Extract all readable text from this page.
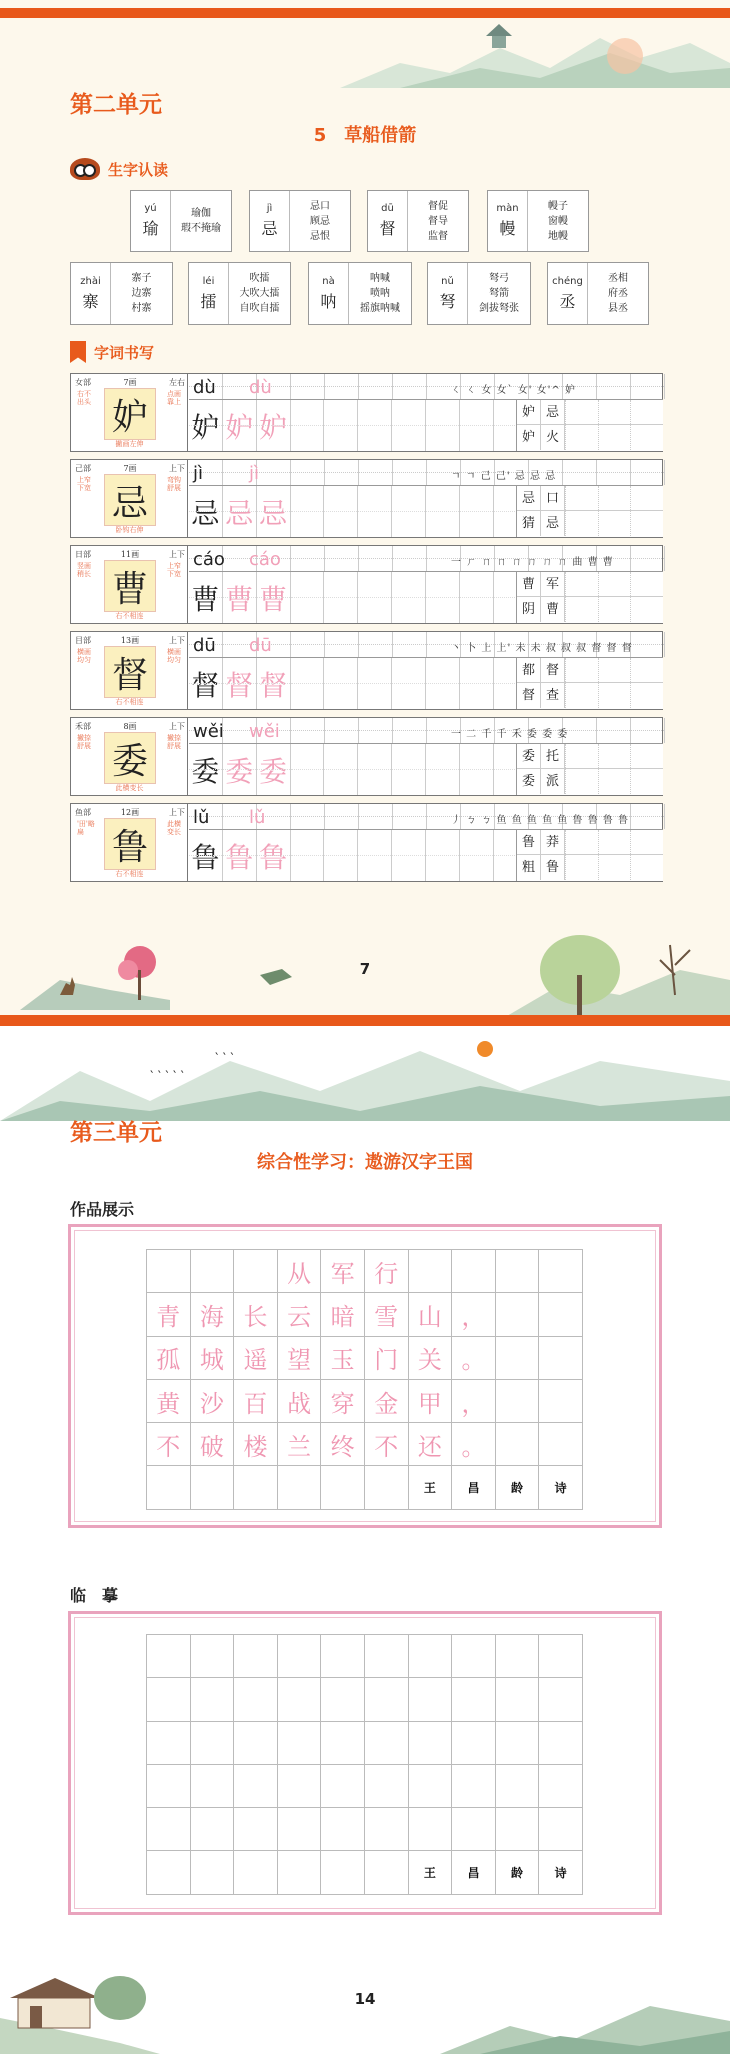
第二单元
5　草船借箭
生字认读
yú
瑜
瑜伽
瑕不掩瑜
jì
忌
忌口
顾忌
忌恨
dū
督
督促
督导
监督
màn
幔
幔子
窗幔
地幔
zhài
寨
寨子
边寨
村寨
léi
擂
吹擂
大吹大擂
自吹自擂
nà
呐
呐喊
喷呐
摇旗呐喊
nǔ
弩
弩弓
弩箭
剑拔弩张
chéng
丞
丞相
府丞
县丞
字词书写
女部	7画	左右
右不出头 妒
点画靠上
撇画左伸
dù dù	ㄑ ㄑ 女 女` 女' 女'^ 妒
妒 妒 妒	妒 忌
妒 火
己部	7画	上下
上窄下宽 忌
弯钩舒展
卧钩右伸
jì	jì	ㄱ ㄱ 己 己' 忌 忌 忌
忌 忌 忌	忌 口
猜 忌
日部	11画	上下
竖画稍长 曹
上窄下宽
右不相连
cáo cáo	一 ㄏ ㄇ ㄇ ㄇ ㄇ ㄇ ㄇ 曲 曹 曹
曹 曹 曹	曹 军
阴 曹
目部	13画	上下
横画均匀 督
横画均匀
右不相连
dū dū	丶 卜 上 上' 未 未 叔 叔 叔 督 督 督
督 督 督	都 督
督 查
禾部	8画	上下
撇捺舒展 委
撇捺舒展
此横变长
wěi wěi	一 二 千 千 禾 委 委 委
委 委 委	委 托
委 派
鱼部	12画	上下
'田'略扁 鲁
此横变长
右不相连
lǔ lǔ	丿 ㄅ ㄅ 鱼 鱼 鱼 鱼 鱼 鲁 鲁 鲁 鲁
鲁 鲁 鲁	鲁 莽
粗 鲁
7
‵ ‵ ‵ ‵ ‵
‵ ‵ ‵
第三单元
综合性学习：遨游汉字王国
作品展示
从 军 行
青 海 长 云 暗 雪 山 ，
孤 城 遥 望 玉 门 关 。
黄 沙 百 战 穿 金 甲 ，
不 破 楼 兰 终 不 还 。
王	昌	龄	诗
临　摹
王	昌	龄	诗
14
